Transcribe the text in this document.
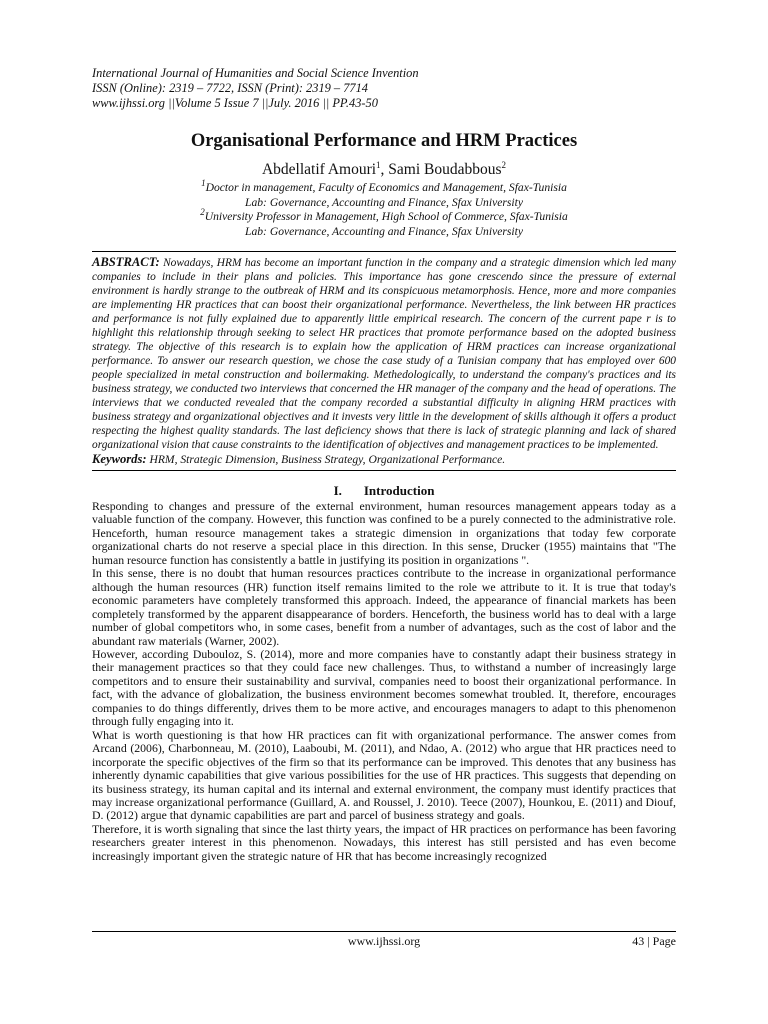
International Journal of Humanities and Social Science Invention
ISSN (Online): 2319 – 7722, ISSN (Print): 2319 – 7714
www.ijhssi.org ||Volume 5 Issue 7 ||July. 2016 || PP.43-50
Organisational Performance and HRM Practices
Abdellatif Amouri$^1$, Sami Boudabbous$^2$
$^1$Doctor in management, Faculty of Economics and Management, Sfax-Tunisia
Lab: Governance, Accounting and Finance, Sfax University
$^2$University Professor in Management, High School of Commerce, Sfax-Tunisia
Lab: Governance, Accounting and Finance, Sfax University
ABSTRACT: Nowadays, HRM has become an important function in the company and a strategic dimension which led many companies to include in their plans and policies. This importance has gone crescendo since the pressure of external environment is hardly strange to the outbreak of HRM and its conspicuous metamorphosis. Hence, more and more companies are implementing HR practices that can boost their organizational performance. Nevertheless, the link between HR practices and performance is not fully explained due to apparently little empirical research. The concern of the current pape r is to highlight this relationship through seeking to select HR practices that promote performance based on the adopted business strategy. The objective of this research is to explain how the application of HRM practices can increase organizational performance. To answer our research question, we chose the case study of a Tunisian company that has employed over 600 people specialized in metal construction and boilermaking. Methedologically, to understand the company's practices and its business strategy, we conducted two interviews that concerned the HR manager of the company and the head of operations. The interviews that we conducted revealed that the company recorded a substantial difficulty in aligning HRM practices with business strategy and organizational objectives and it invests very little in the development of skills although it offers a product respecting the highest quality standards. The last deficiency shows that there is lack of strategic planning and lack of shared organizational vision that cause constraints to the identification of objectives and management practices to be implemented.
Keywords: HRM, Strategic Dimension, Business Strategy, Organizational Performance.
I. Introduction

Responding to changes and pressure of the external environment, human resources management appears today as a valuable function of the company. However, this function was confined to be a purely connected to the administrative role. Henceforth, human resource management takes a strategic dimension in organizations that today few corporate organizational charts do not reserve a special place in this direction. In this sense, Drucker (1955) maintains that "The human resource function has consistently a battle in justifying its position in organizations ".

In this sense, there is no doubt that human resources practices contribute to the increase in organizational performance although the human resources (HR) function itself remains limited to the role we attribute to it. It is true that today's economic parameters have completely transformed this approach. Indeed, the appearance of financial markets has been completely transformed by the apparent disappearance of borders. Henceforth, the business world has to deal with a large number of global competitors who, in some cases, benefit from a number of advantages, such as the cost of labor and the abundant raw materials (Warner, 2002).

However, according Dubouloz, S. (2014), more and more companies have to constantly adapt their business strategy in their management practices so that they could face new challenges. Thus, to withstand a number of increasingly large competitors and to ensure their sustainability and survival, companies need to boost their organizational performance. In fact, with the advance of globalization, the business environment becomes somewhat troubled. It, therefore, encourages companies to do things differently, drives them to be more active, and encourages managers to adapt to this phenomenon through fully engaging into it.

What is worth questioning is that how HR practices can fit with organizational performance. The answer comes from Arcand (2006), Charbonneau, M. (2010), Laaboubi, M. (2011), and Ndao, A. (2012) who argue that HR practices need to incorporate the specific objectives of the firm so that its performance can be improved. This denotes that any business has inherently dynamic capabilities that give various possibilities for the use of HR practices. This suggests that depending on its business strategy, its human capital and its internal and external environment, the company must identify practices that may increase organizational performance (Guillard, A. and Roussel, J. 2010). Teece (2007), Hounkou, E. (2011) and Diouf, D. (2012) argue that dynamic capabilities are part and parcel of business strategy and goals.

Therefore, it is worth signaling that since the last thirty years, the impact of HR practices on performance has been favoring researchers greater interest in this phenomenon. Nowadays, this interest has still persisted and has even become increasingly important given the strategic nature of HR that has become increasingly recognized

www.ijhssi.org	43 | Page
